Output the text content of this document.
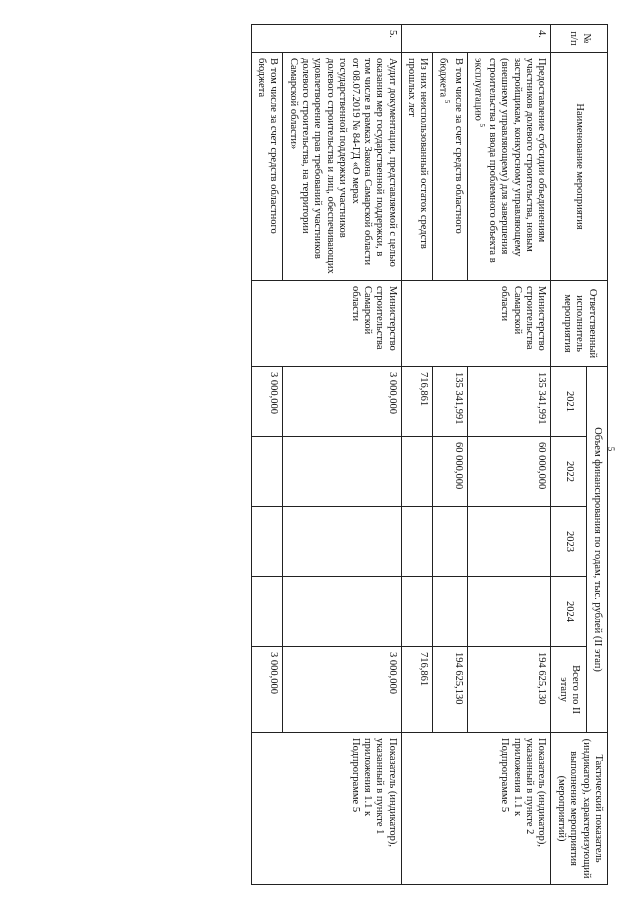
5
№ п/п	Наименование мероприятия	Ответственный исполнитель мероприятия	Объем финансирования по годам, тыс. рублей (II этап)					Тактический показатель (индикатор), характеризующий выполнение мероприятия (мероприятий)
			2021	2022	2023	2024	Всего по II этапу	
4.	Предоставление субсидии объединениям участников долевого строительства, новым застройщикам, конкурсному управляющему (внешнему управляющему) для завершения строительства и ввода проблемного объекта в эксплуатацию $^5$	Министерство строительства Самарской области	135 341,991	60 000,000			194 625,130	Показатель (индикатор), указанный в пункте 2 приложения 1.1 к Подпрограмме 5
	В том числе за счет средств областного бюджета $^5$		135 341,991	60 000,000			194 625,130	
	Из них неиспользованный остаток средств прошлых лет		716,861				716,861	
5.	Аудит документации, представляемой с целью оказания мер государственной поддержки, в том числе в рамках Закона Самарской области от 08.07.2019 № 84-ГД «О мерах государственной поддержки участников долевого строительства и лиц, обеспечивающих удовлетворение прав требований участников долевого строительства, на территории Самарской области»	Министерство строительства Самарской области	3 000,000				3 000,000	Показатель (индикатор), указанный в пункте 1 приложения 1.1 к Подпрограмме 5
	В том числе за счет средств областного бюджета		3 000,000				3 000,000	
